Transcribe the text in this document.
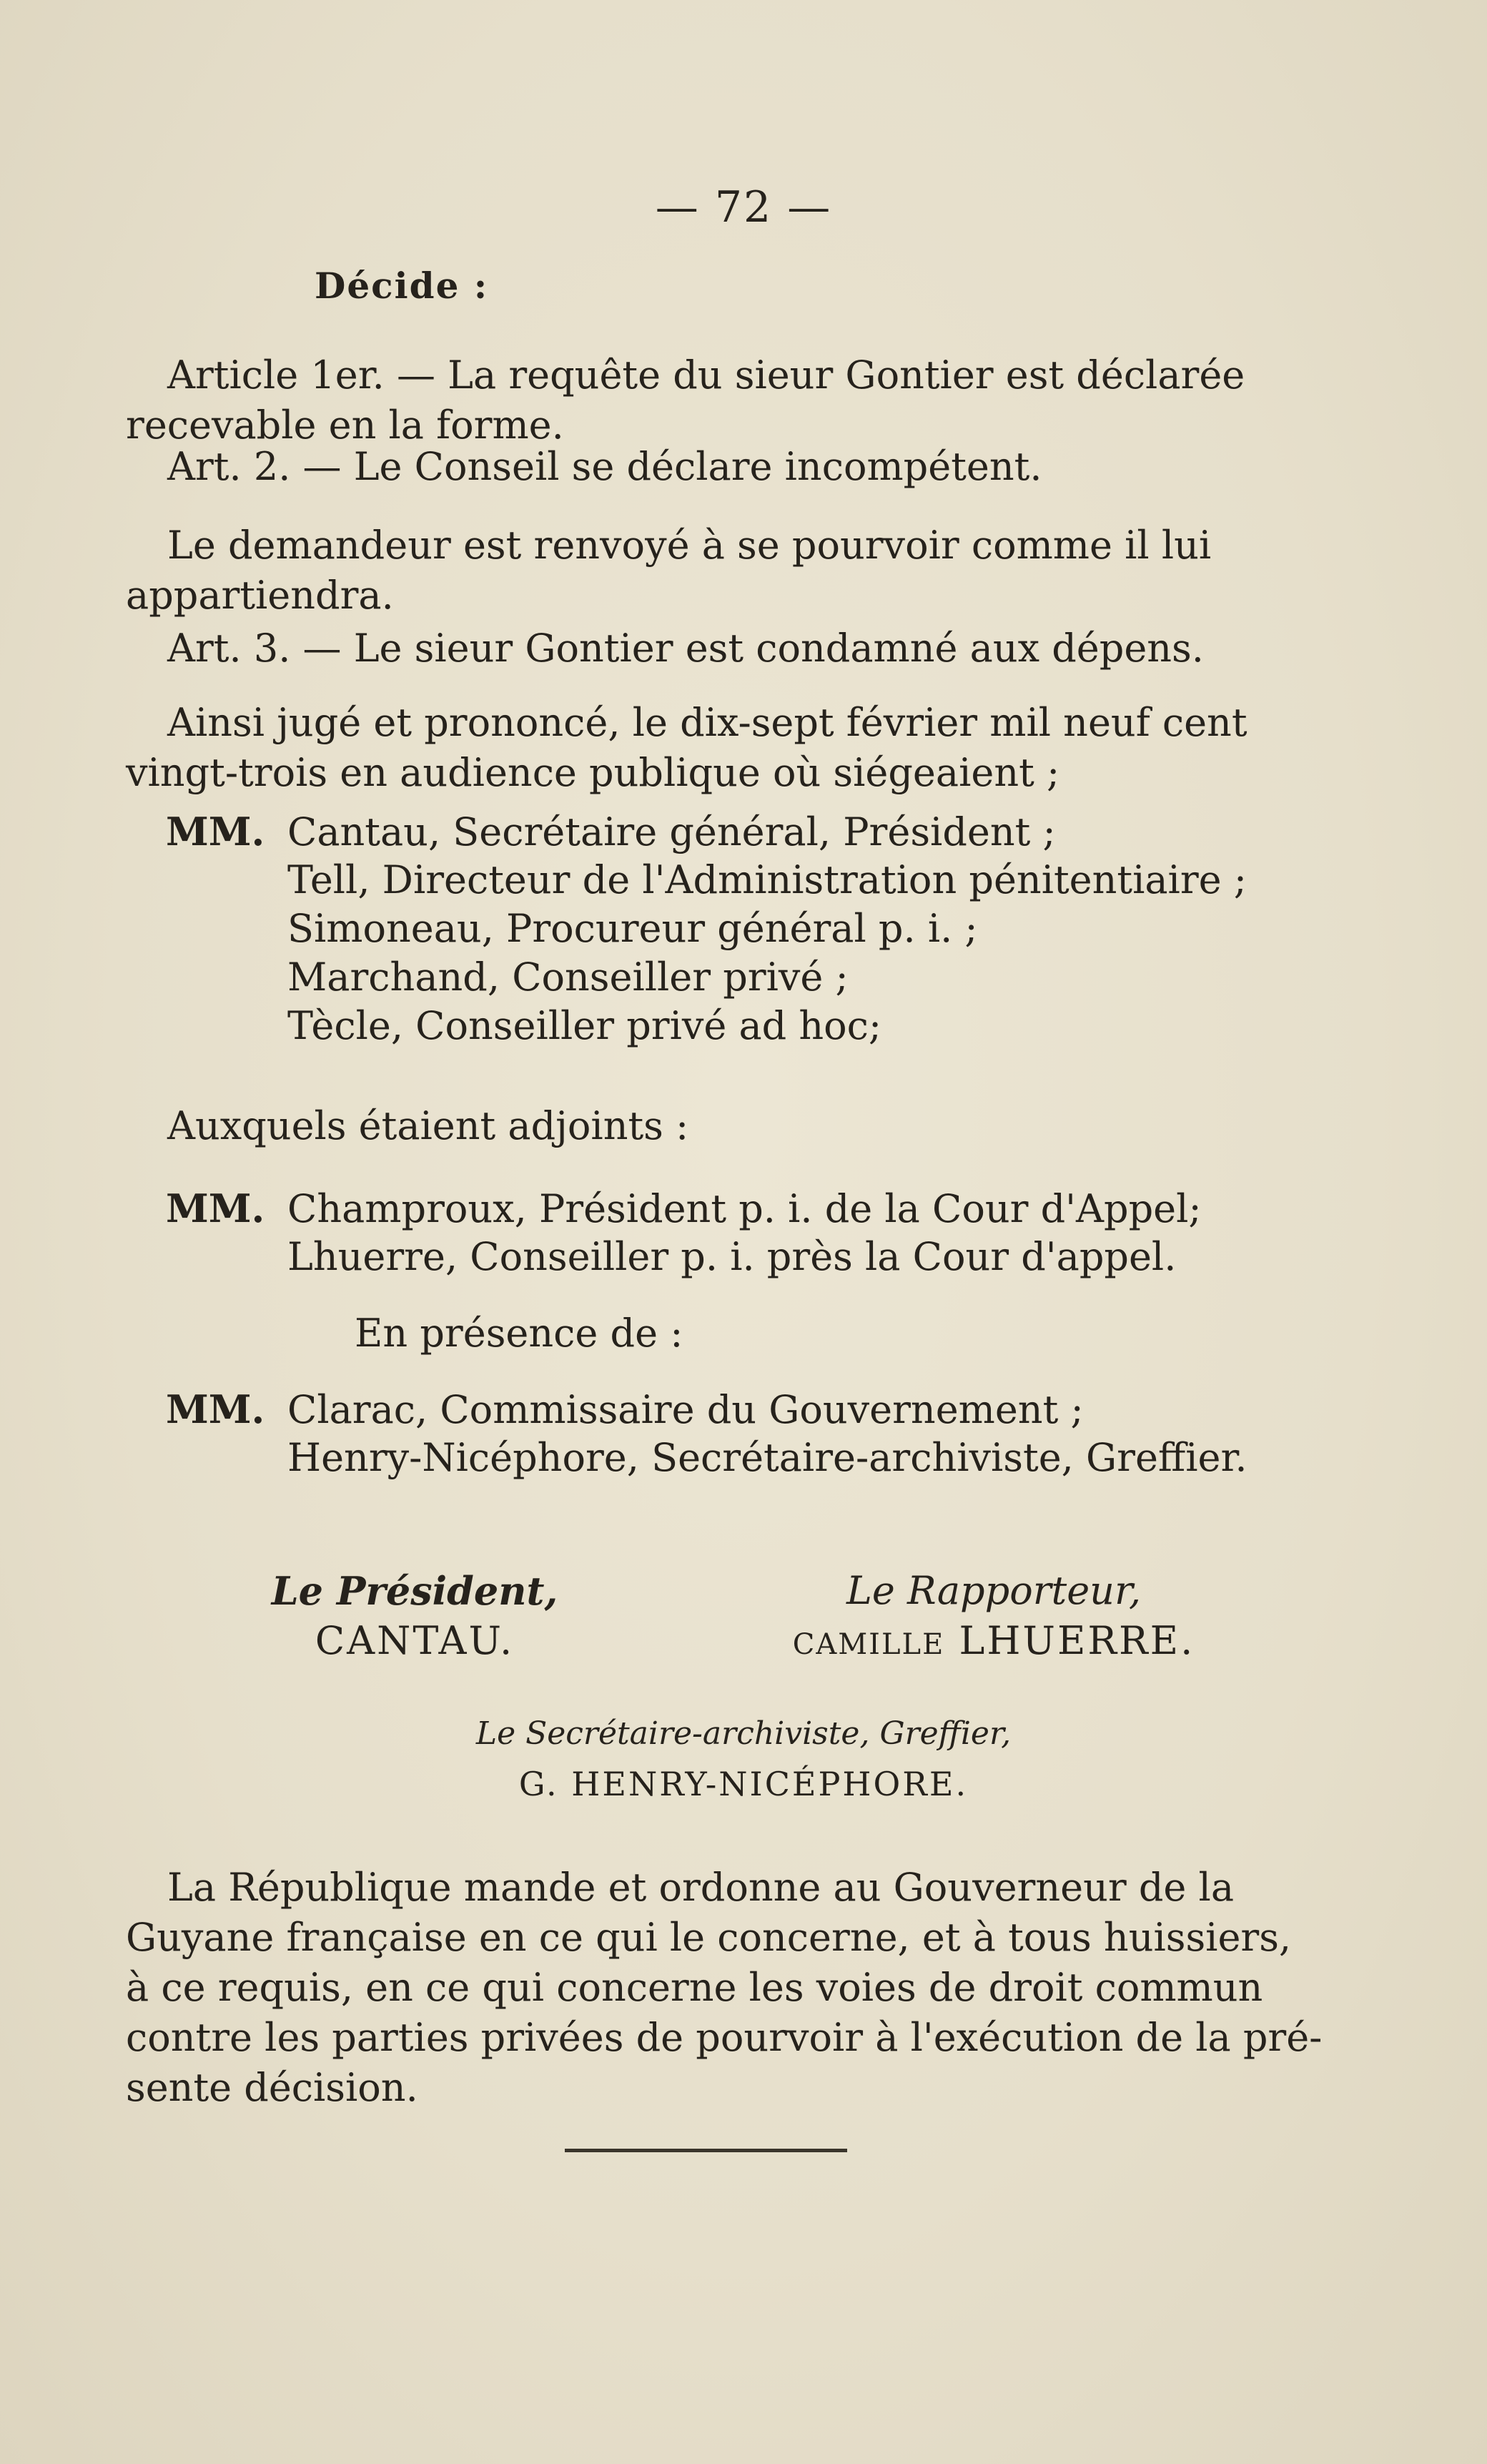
— 72 —
Décide :
Article 1er. — La requête du sieur Gontier est déclarée
recevable en la forme.
Art. 2. — Le Conseil se déclare incompétent.
Le demandeur est renvoyé à se pourvoir comme il lui
appartiendra.
Art. 3. — Le sieur Gontier est condamné aux dépens.
Ainsi jugé et prononcé, le dix-sept février mil neuf cent
vingt-trois en audience publique où siégeaient ;
MM. Cantau, Secrétaire général, Président ;
Tell, Directeur de l'Administration pénitentiaire ;
Simoneau, Procureur général p. i. ;
Marchand, Conseiller privé ;
Tècle, Conseiller privé ad hoc;
Auxquels étaient adjoints :
MM. Champroux, Président p. i. de la Cour d'Appel;
Lhuerre, Conseiller p. i. près la Cour d'appel.
En présence de :
MM. Clarac, Commissaire du Gouvernement ;
Henry-Nicéphore, Secrétaire-archiviste, Greffier.
Le Président,
CANTAU.
Le Rapporteur,
CAMILLE LHUERRE.
Le Secrétaire-archiviste, Greffier,
G. HENRY-NICÉPHORE.
La République mande et ordonne au Gouverneur de la
Guyane française en ce qui le concerne, et à tous huissiers,
à ce requis, en ce qui concerne les voies de droit commun
contre les parties privées de pourvoir à l'exécution de la pré-
sente décision.
